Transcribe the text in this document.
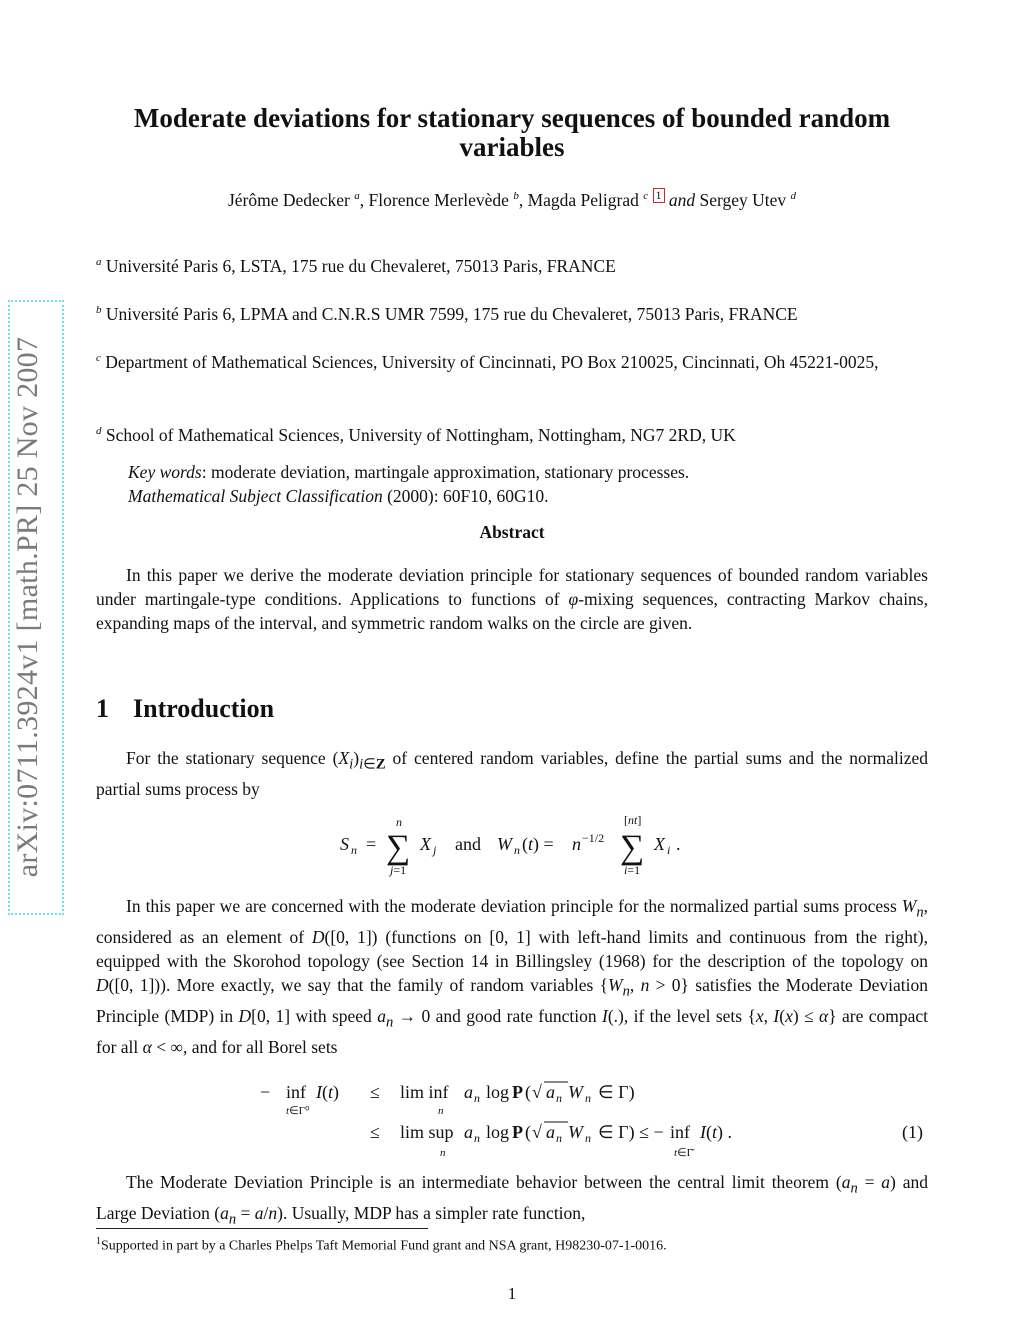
arXiv:0711.3924v1 [math.PR] 25 Nov 2007
Moderate deviations for stationary sequences of bounded random variables
Jérôme Dedecker $^a$, Florence Merlevède $^b$, Magda Peligrad $^c$ 1 and Sergey Utev $^d$
$^a$ Université Paris 6, LSTA, 175 rue du Chevaleret, 75013 Paris, FRANCE
$^b$ Université Paris 6, LPMA and C.N.R.S UMR 7599, 175 rue du Chevaleret, 75013 Paris, FRANCE
$^c$ Department of Mathematical Sciences, University of Cincinnati, PO Box 210025, Cincinnati, Oh 45221-0025,
$^d$ School of Mathematical Sciences, University of Nottingham, Nottingham, NG7 2RD, UK
Key words: moderate deviation, martingale approximation, stationary processes.
Mathematical Subject Classification (2000): 60F10, 60G10.
Abstract
In this paper we derive the moderate deviation principle for stationary sequences of bounded random variables under martingale-type conditions. Applications to functions of φ-mixing sequences, contracting Markov chains, expanding maps of the interval, and symmetric random walks on the circle are given.
1 Introduction
For the stationary sequence $(X_i)_{i\in Z}$ of centered random variables, define the partial sums and the normalized partial sums process by
S n = ∑
n
j=1
X j and W n (t) = n −1/2 ∑
[nt]
i=1
X i .
In this paper we are concerned with the moderate deviation principle for the normalized partial sums process $W_n$, considered as an element of D([0, 1]) (functions on [0, 1] with left-hand limits and continuous from the right), equipped with the Skorohod topology (see Section 14 in Billingsley (1968) for the description of the topology on D([0, 1])). More exactly, we say that the family of random variables {$W_n$, n > 0} satisfies the Moderate Deviation Principle (MDP) in D[0, 1] with speed $a_n \to 0$ and good rate function I(.), if the level sets {x, I(x) ≤ α} are compact for all α < ∞, and for all Borel sets
− inf
t∈Γ⁰
I (t) ≤ lim inf
n
a n log P ( √ a n W n ∈ Γ)
≤ lim sup
n
a n log P ( √ a n W n ∈ Γ) ≤ − inf
t∈Γ̄
I (t) .	(1)
The Moderate Deviation Principle is an intermediate behavior between the central limit theorem $(a_n = a)$ and Large Deviation $(a_n = a/n)$. Usually, MDP has a simpler rate function,
$^1$Supported in part by a Charles Phelps Taft Memorial Fund grant and NSA grant, H98230-07-1-0016.
1
